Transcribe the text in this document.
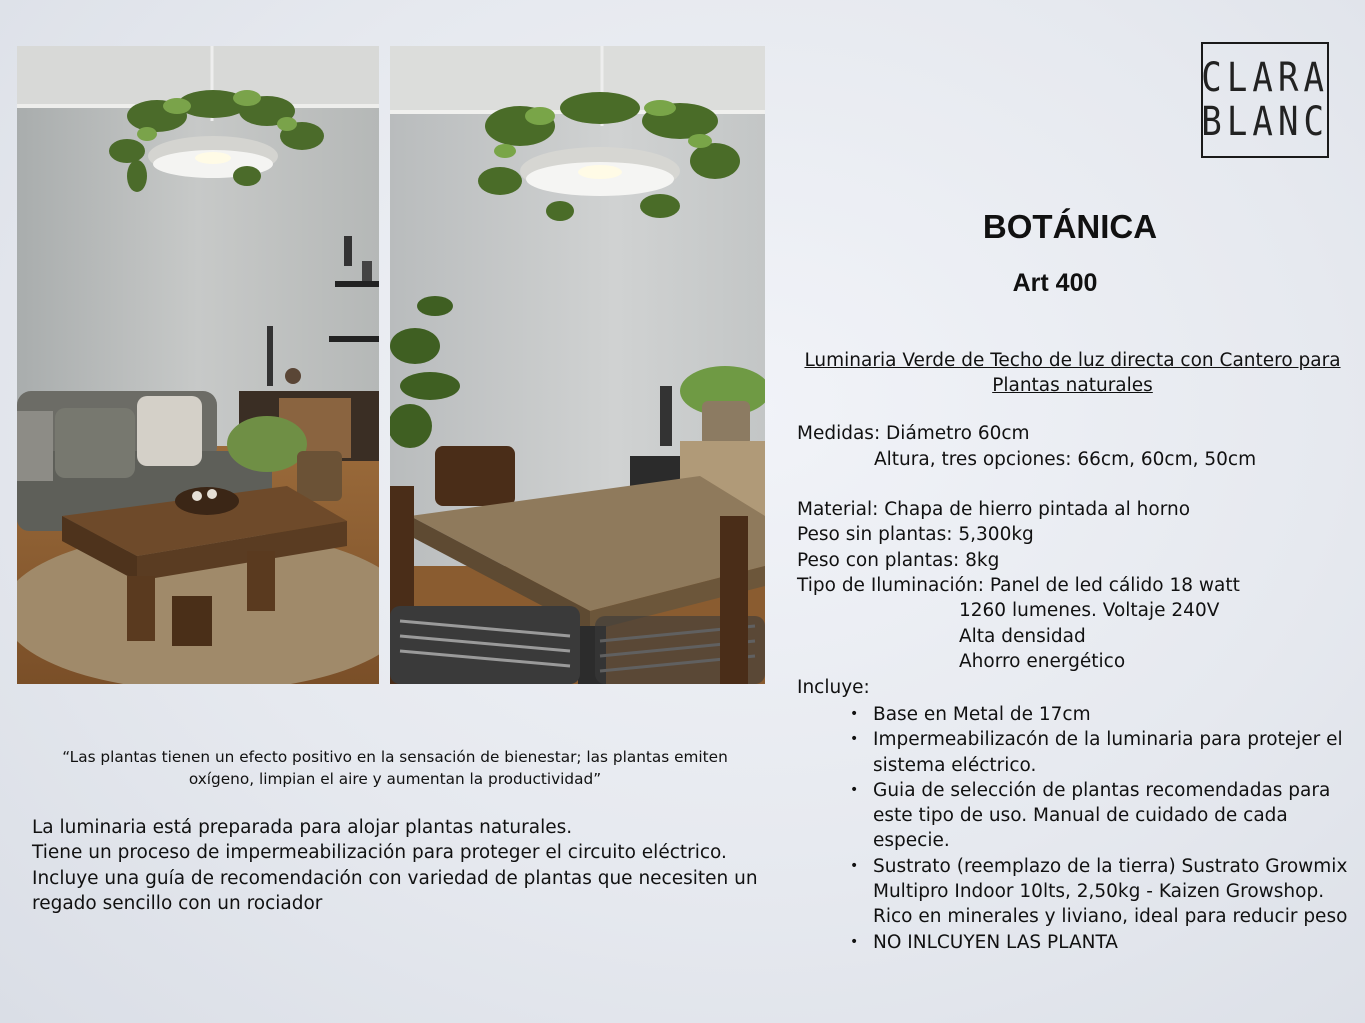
CLARA
BLANC
BOTÁNICA
Art 400
Luminaria Verde de Techo de luz directa con Cantero para
Plantas naturales
Medidas: Diámetro 60cm
Altura, tres opciones: 66cm, 60cm, 50cm
Material: Chapa de hierro pintada al horno
Peso sin plantas: 5,300kg
Peso con plantas: 8kg
Tipo de Iluminación: Panel de led cálido 18 watt
1260 lumenes. Voltaje 240V
Alta densidad
Ahorro energético
Incluye:
• Base en Metal de 17cm
• Impermeabilizacón de la luminaria para protejer el
sistema eléctrico.
• Guia de selección de plantas recomendadas para
este tipo de uso. Manual de cuidado de cada
especie.
• Sustrato (reemplazo de la tierra) Sustrato Growmix
Multipro Indoor 10lts, 2,50kg - Kaizen Growshop.
Rico en minerales y liviano, ideal para reducir peso
• NO INLCUYEN LAS PLANTA
“Las plantas tienen un efecto positivo en la sensación de bienestar; las plantas emiten
oxígeno, limpian el aire y aumentan la productividad”
La luminaria está preparada para alojar plantas naturales.
Tiene un proceso de impermeabilización para proteger el circuito eléctrico.
Incluye una guía de recomendación con variedad de plantas que necesiten un
regado sencillo con un rociador
